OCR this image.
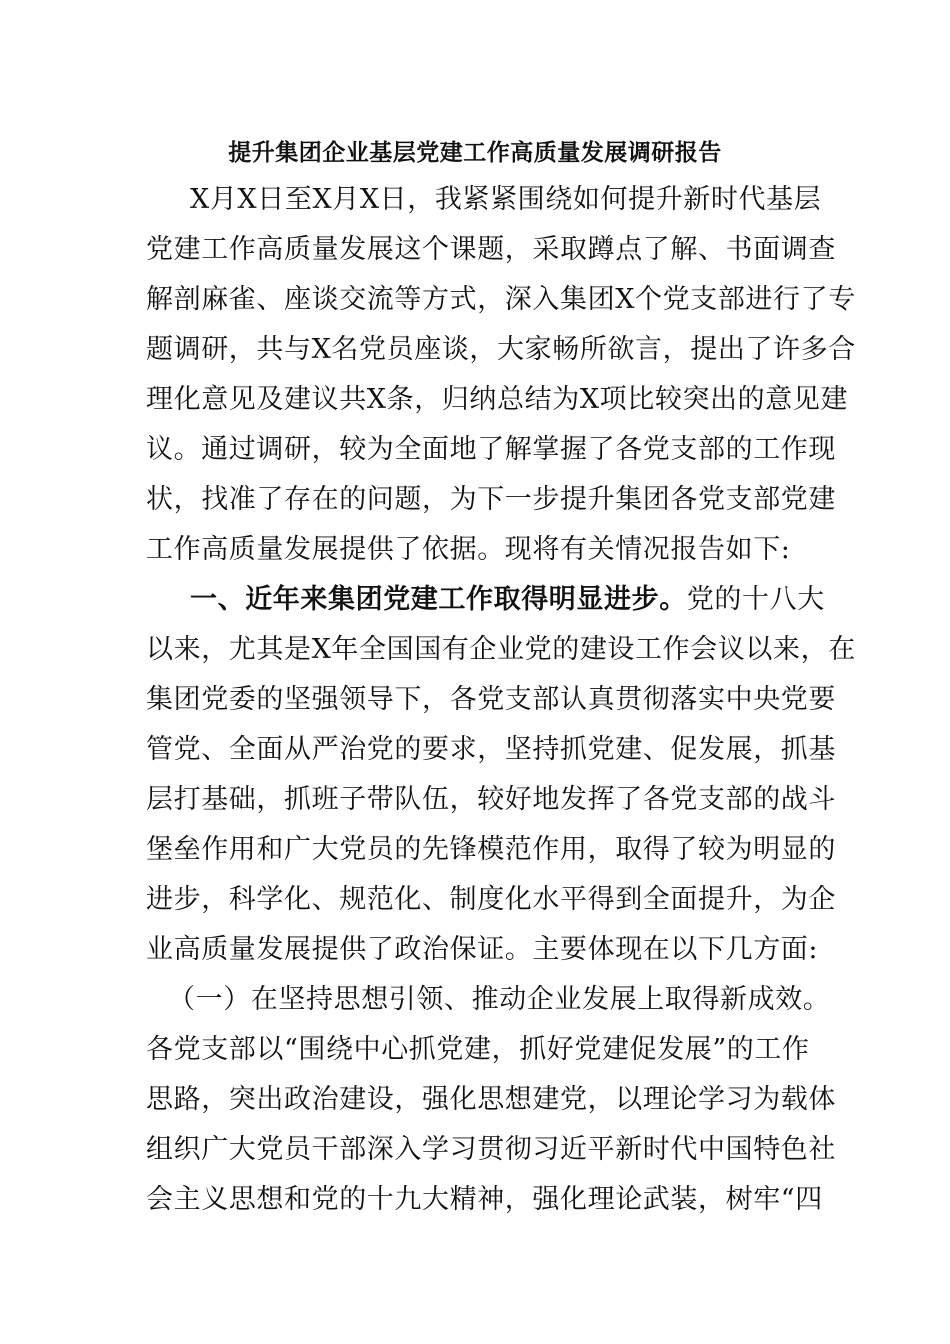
提升集团企业基层党建工作高质量发展调研报告
X月X日至X月X日，我紧紧围绕如何提升新时代基层
党建工作高质量发展这个课题，采取蹲点了解、书面调查
解剖麻雀、座谈交流等方式，深入集团X个党支部进行了专
题调研，共与X名党员座谈，大家畅所欲言，提出了许多合
理化意见及建议共X条，归纳总结为X项比较突出的意见建
议。通过调研，较为全面地了解掌握了各党支部的工作现
状，找准了存在的问题，为下一步提升集团各党支部党建
工作高质量发展提供了依据。现将有关情况报告如下:
一、近年来集团党建工作取得明显进步。党的十八大
以来，尤其是X年全国国有企业党的建设工作会议以来，在
集团党委的坚强领导下，各党支部认真贯彻落实中央党要
管党、全面从严治党的要求，坚持抓党建、促发展，抓基
层打基础，抓班子带队伍，较好地发挥了各党支部的战斗
堡垒作用和广大党员的先锋模范作用，取得了较为明显的
进步，科学化、规范化、制度化水平得到全面提升，为企
业高质量发展提供了政治保证。主要体现在以下几方面:
（一）在坚持思想引领、推动企业发展上取得新成效。
各党支部以“围绕中心抓党建，抓好党建促发展”的工作
思路，突出政治建设，强化思想建党，以理论学习为载体
组织广大党员干部深入学习贯彻习近平新时代中国特色社
会主义思想和党的十九大精神，强化理论武装，树牢“四
